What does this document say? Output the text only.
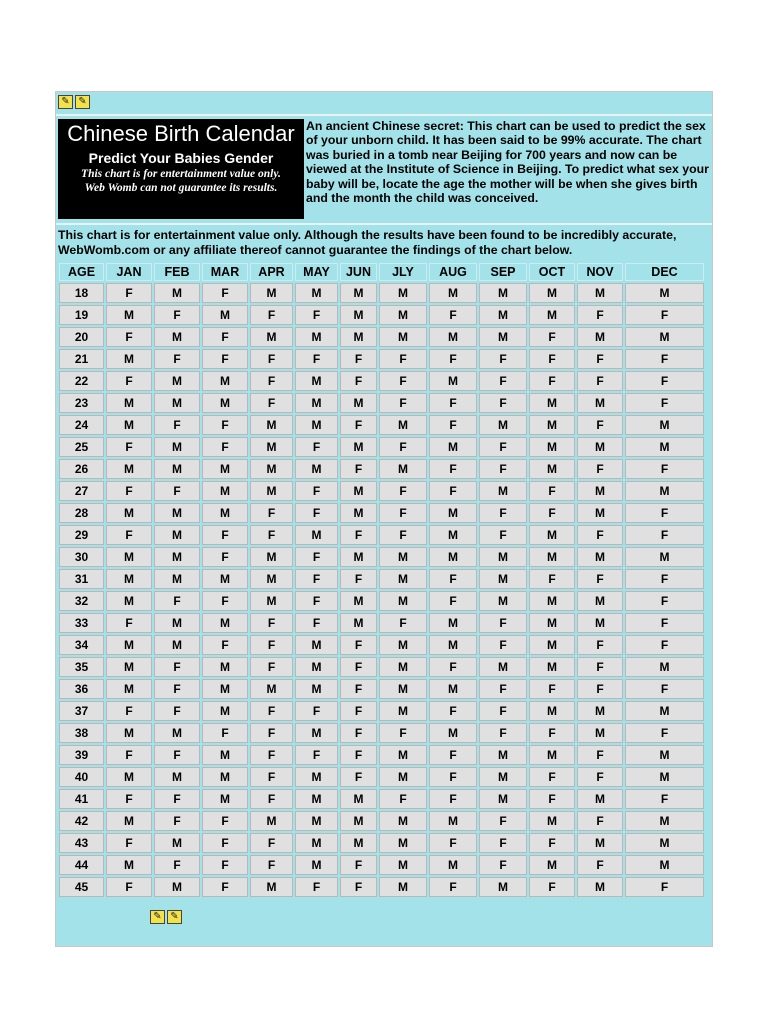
✎ ✎
Chinese Birth Calendar
Predict Your Babies Gender
This chart is for entertainment value only.
Web Womb can not guarantee its results.
An ancient Chinese secret: This chart can be used to predict the sex of your unborn child. It has been said to be 99% accurate. The chart was buried in a tomb near Beijing for 700 years and now can be viewed at the Institute of Science in Beijing. To predict what sex your baby will be, locate the age the mother will be when she gives birth and the month the child was conceived.
This chart is for entertainment value only. Although the results have been found to be incredibly accurate, WebWomb.com or any affiliate thereof cannot guarantee the findings of the chart below.
AGE	JAN	FEB	MAR	APR	MAY	JUN	JLY	AUG	SEP	OCT	NOV	DEC
18	F	M	F	M	M	M	M	M	M	M	M	M
19	M	F	M	F	F	M	M	F	M	M	F	F
20	F	M	F	M	M	M	M	M	M	F	M	M
21	M	F	F	F	F	F	F	F	F	F	F	F
22	F	M	M	F	M	F	F	M	F	F	F	F
23	M	M	M	F	M	M	F	F	F	M	M	F
24	M	F	F	M	M	F	M	F	M	M	F	M
25	F	M	F	M	F	M	F	M	F	M	M	M
26	M	M	M	M	M	F	M	F	F	M	F	F
27	F	F	M	M	F	M	F	F	M	F	M	M
28	M	M	M	F	F	M	F	M	F	F	M	F
29	F	M	F	F	M	F	F	M	F	M	F	F
30	M	M	F	M	F	M	M	M	M	M	M	M
31	M	M	M	M	F	F	M	F	M	F	F	F
32	M	F	F	M	F	M	M	F	M	M	M	F
33	F	M	M	F	F	M	F	M	F	M	M	F
34	M	M	F	F	M	F	M	M	F	M	F	F
35	M	F	M	F	M	F	M	F	M	M	F	M
36	M	F	M	M	M	F	M	M	F	F	F	F
37	F	F	M	F	F	F	M	F	F	M	M	M
38	M	M	F	F	M	F	F	M	F	F	M	F
39	F	F	M	F	F	F	M	F	M	M	F	M
40	M	M	M	F	M	F	M	F	M	F	F	M
41	F	F	M	F	M	M	F	F	M	F	M	F
42	M	F	F	M	M	M	M	M	F	M	F	M
43	F	M	F	F	M	M	M	F	F	F	M	M
44	M	F	F	F	M	F	M	M	F	M	F	M
45	F	M	F	M	F	F	M	F	M	F	M	F
✎ ✎
